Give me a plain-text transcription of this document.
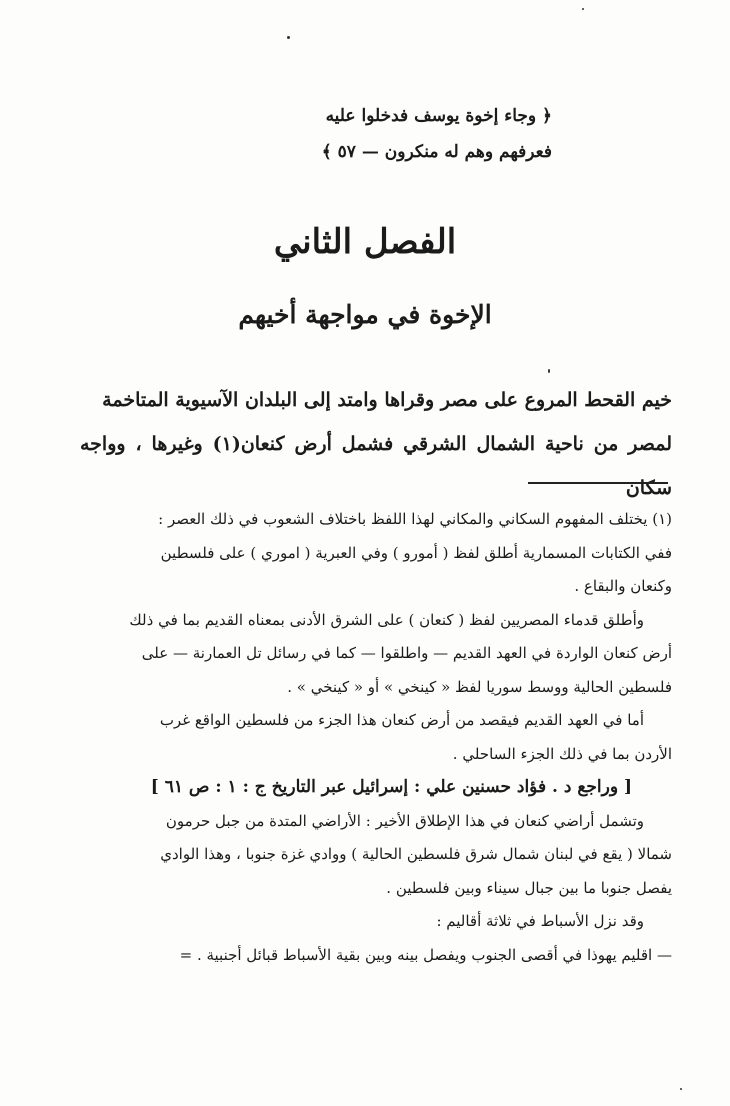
﴿ وجاء إخوة يوسف فدخلوا عليه
فعرفهم وهم له منكرون — ٥٧ ﴾
الفصل الثاني
الإخوة في مواجهة أخيهم
خيم القحط المروع على مصر وقراها وامتد إلى البلدان الآسيوية المتاخمة
لمصر من ناحية الشمال الشرقي فشمل أرض كنعان(١) وغيرها ، وواجه سكان
(١) يختلف المفهوم السكاني والمكاني لهذا اللفظ باختلاف الشعوب في ذلك العصر :
ففي الكتابات المسمارية أطلق لفظ ( أمورو ) وفي العبرية ( اموري ) على فلسطين
وكنعان والبقاع .
وأطلق قدماء المصريين لفظ ( كنعان ) على الشرق الأدنى بمعناه القديم بما في ذلك
أرض كنعان الواردة في العهد القديم — واطلقوا — كما في رسائل تل العمارنة — على
فلسطين الحالية ووسط سوريا لفظ « كينخي » أو « كينخي » .
أما في العهد القديم فيقصد من أرض كنعان هذا الجزء من فلسطين الواقع غرب
الأردن بما في ذلك الجزء الساحلي .
[ وراجع د . فؤاد حسنين علي : إسرائيل عبر التاريخ ج : ١ : ص ٦١ ]
وتشمل أراضي كنعان في هذا الإطلاق الأخير : الأراضي المتدة من جبل حرمون
شمالا ( يقع في لبنان شمال شرق فلسطين الحالية ) ووادي غزة جنوبا ، وهذا الوادي
يفصل جنوبا ما بين جبال سيناء وبين فلسطين .
وقد نزل الأسباط في ثلاثة أقاليم :
— اقليم يهوذا في أقصى الجنوب ويفصل بينه وبين بقية الأسباط قبائل أجنبية . =
